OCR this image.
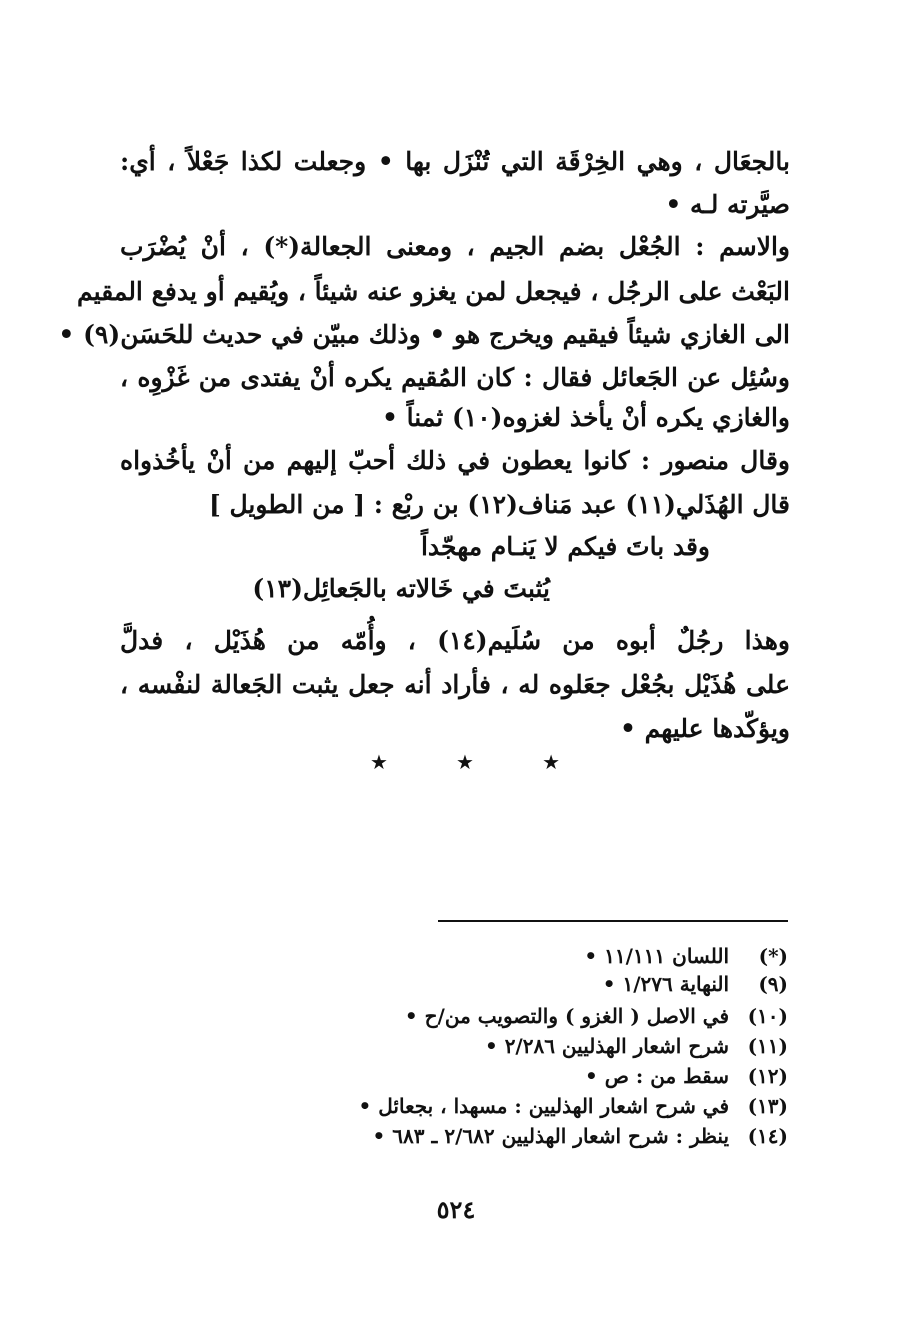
بالجعَال ، وهي الخِرْقَة التي تُنْزَل بها • وجعلت لكذا جَعْلاً ، أي:
صيَّرته لـه •
والاسم : الجُعْل بضم الجيم ، ومعنى الجعالة(*) ، أنْ يُضْرَب
البَعْث على الرجُل ، فيجعل لمن يغزو عنه شيئاً ، ويُقيم أو يدفع المقيم
الى الغازي شيئاً فيقيم ويخرج هو • وذلك مبيّن في حديث للحَسَن(٩) •
وسُئِل عن الجَعائل فقال : كان المُقيم يكره أنْ يفتدى من غَزْوِه ،
والغازي يكره أنْ يأخذ لغزوه(١٠) ثمناً •
وقال منصور : كانوا يعطون في ذلك أحبّ إليهم من أنْ يأخُذواه
قال الهُذَلي(١١) عبد مَناف(١٢) بن ربْع : [ من الطويل ]
وقد باتَ فيكم لا يَنـام مهجّداً
يُثبتَ في خَالاته بالجَعائِل(١٣)
وهذا رجُلٌ أبوه من سُلَيم(١٤) ، وأُمّه من هُذَيْل ، فدلَّ
على هُذَيْل بجُعْل جعَلوه له ، فأراد أنه جعل يثبت الجَعالة لنفْسه ،
ويؤكّدها عليهم •
★	★	★
(*) اللسان ١١/١١١ •
(٩) النهاية ١/٢٧٦ •
(١٠) في الاصل ( الغزو ) والتصويب من/ح •
(١١) شرح اشعار الهذليين ٢/٢٨٦ •
(١٢) سقط من : ص •
(١٣) في شرح اشعار الهذليين : مسهدا ، بجعائل •
(١٤) ينظر : شرح اشعار الهذليين ٢/٦٨٢ ـ ٦٨٣ •
٥٢٤
